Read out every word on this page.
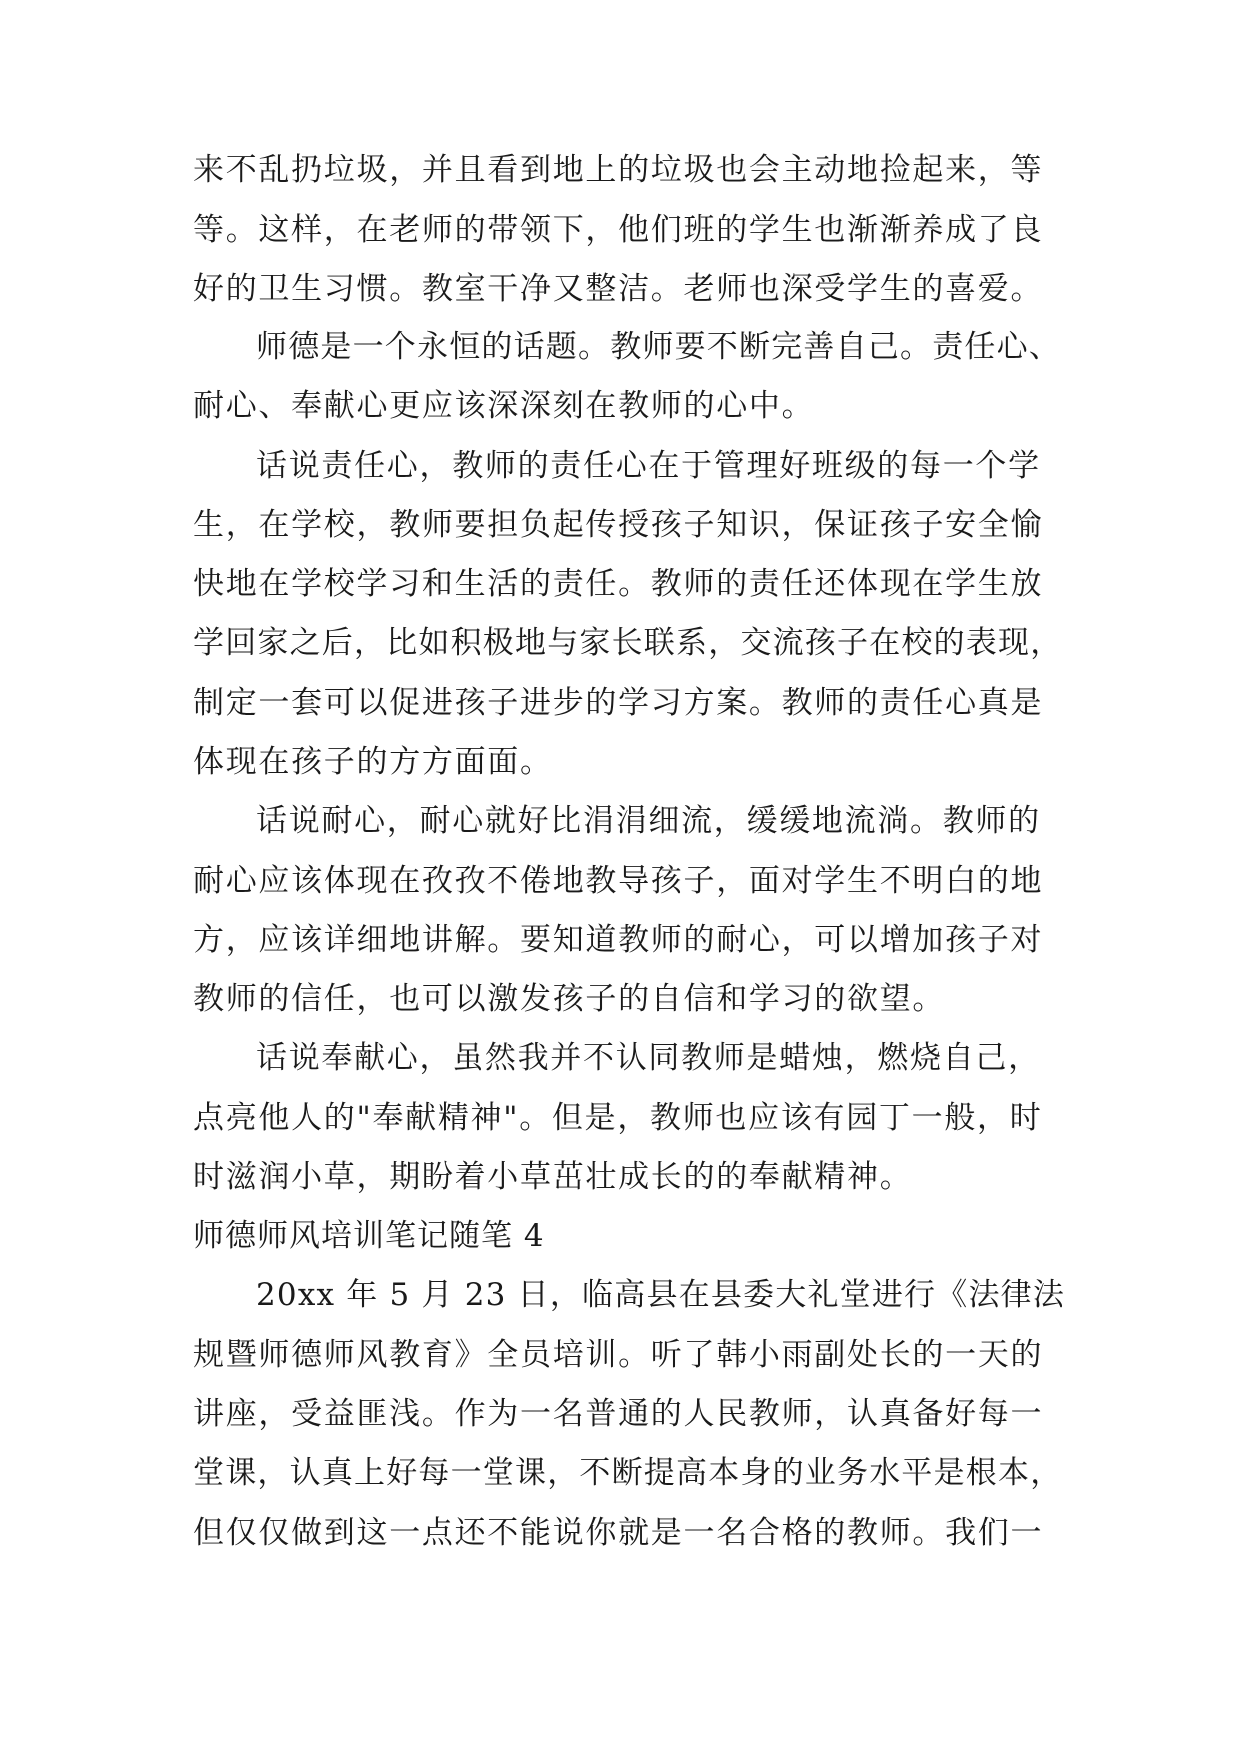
来不乱扔垃圾，并且看到地上的垃圾也会主动地捡起来，等

等。这样，在老师的带领下，他们班的学生也渐渐养成了良

好的卫生习惯。教室干净又整洁。老师也深受学生的喜爱。

师德是一个永恒的话题。教师要不断完善自己。责任心、

耐心、奉献心更应该深深刻在教师的心中。

话说责任心，教师的责任心在于管理好班级的每一个学

生，在学校，教师要担负起传授孩子知识，保证孩子安全愉

快地在学校学习和生活的责任。教师的责任还体现在学生放

学回家之后，比如积极地与家长联系，交流孩子在校的表现，

制定一套可以促进孩子进步的学习方案。教师的责任心真是

体现在孩子的方方面面。

话说耐心，耐心就好比涓涓细流，缓缓地流淌。教师的

耐心应该体现在孜孜不倦地教导孩子，面对学生不明白的地

方，应该详细地讲解。要知道教师的耐心，可以增加孩子对

教师的信任，也可以激发孩子的自信和学习的欲望。

话说奉献心，虽然我并不认同教师是蜡烛，燃烧自己，

点亮他人的"奉献精神"。但是，教师也应该有园丁一般，时

时滋润小草，期盼着小草茁壮成长的的奉献精神。

师德师风培训笔记随笔 4

20xx 年 5 月 23 日，临高县在县委大礼堂进行《法律法

规暨师德师风教育》全员培训。听了韩小雨副处长的一天的

讲座，受益匪浅。作为一名普通的人民教师，认真备好每一

堂课，认真上好每一堂课，不断提高本身的业务水平是根本，

但仅仅做到这一点还不能说你就是一名合格的教师。我们一
